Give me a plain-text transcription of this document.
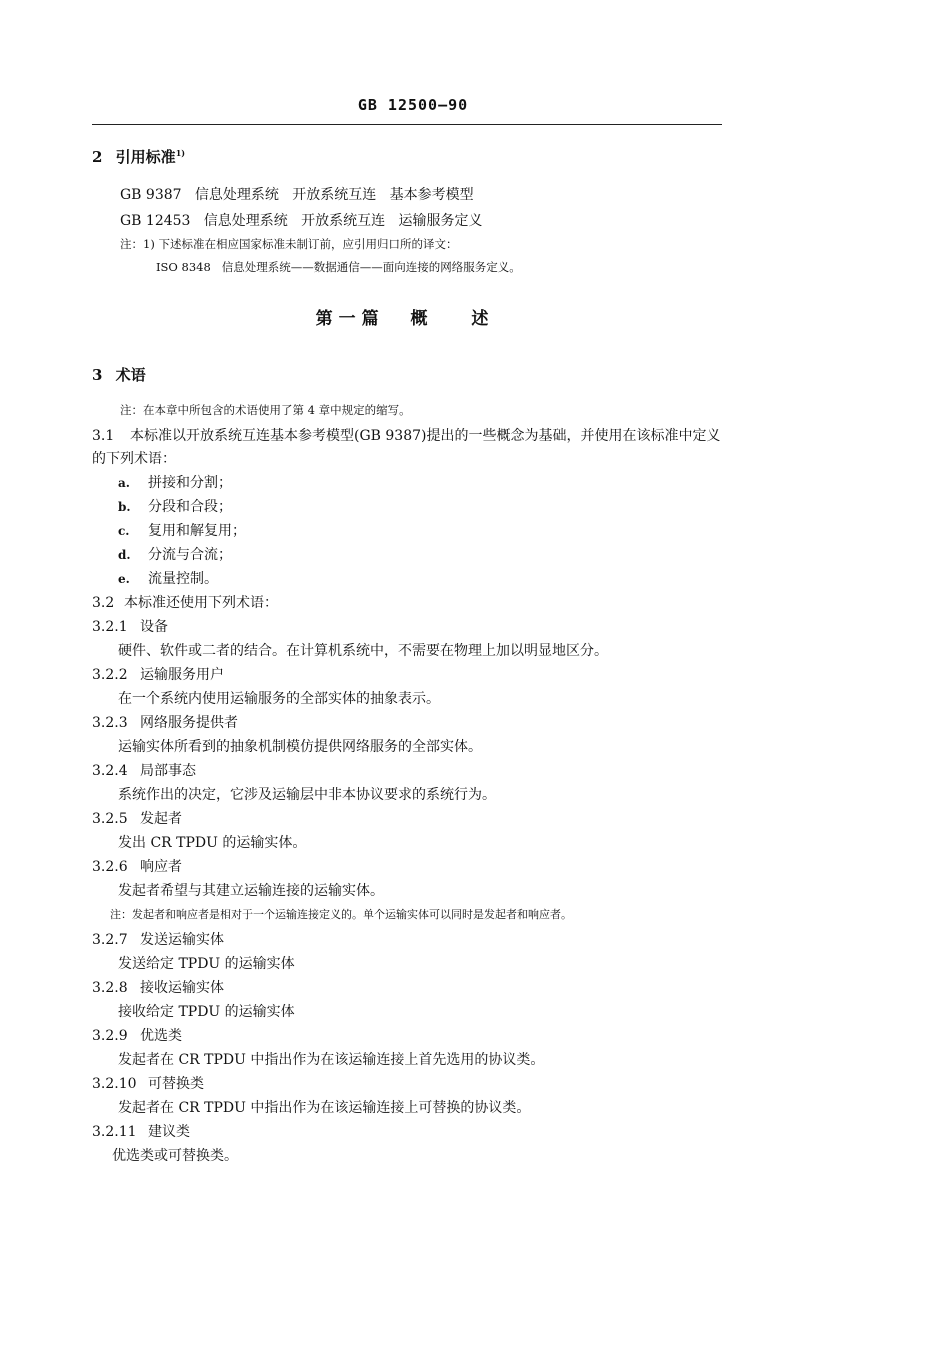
GB 12500—90
2 引用标准$^{1)}$
GB 9387   信息处理系统   开放系统互连   基本参考模型
GB 12453   信息处理系统   开放系统互连   运输服务定义
注：1) 下述标准在相应国家标准未制订前，应引用归口所的译文：
ISO 8348   信息处理系统——数据通信——面向连接的网络服务定义。
第一篇 概 述
3 术语
注：在本章中所包含的术语使用了第 4 章中规定的缩写。
3.1 本标准以开放系统互连基本参考模型(GB 9387)提出的一些概念为基础，并使用在该标准中定义
的下列术语：
a. 拼接和分割；
b. 分段和合段；
c. 复用和解复用；
d. 分流与合流；
e. 流量控制。
3.2 本标准还使用下列术语：
3.2.1 设备
硬件、软件或二者的结合。在计算机系统中，不需要在物理上加以明显地区分。
3.2.2 运输服务用户
在一个系统内使用运输服务的全部实体的抽象表示。
3.2.3 网络服务提供者
运输实体所看到的抽象机制模仿提供网络服务的全部实体。
3.2.4 局部事态
系统作出的决定，它涉及运输层中非本协议要求的系统行为。
3.2.5 发起者
发出 CR TPDU 的运输实体。
3.2.6 响应者
发起者希望与其建立运输连接的运输实体。
注：发起者和响应者是相对于一个运输连接定义的。单个运输实体可以同时是发起者和响应者。
3.2.7 发送运输实体
发送给定 TPDU 的运输实体
3.2.8 接收运输实体
接收给定 TPDU 的运输实体
3.2.9 优选类
发起者在 CR TPDU 中指出作为在该运输连接上首先选用的协议类。
3.2.10 可替换类
发起者在 CR TPDU 中指出作为在该运输连接上可替换的协议类。
3.2.11 建议类
优选类或可替换类。
